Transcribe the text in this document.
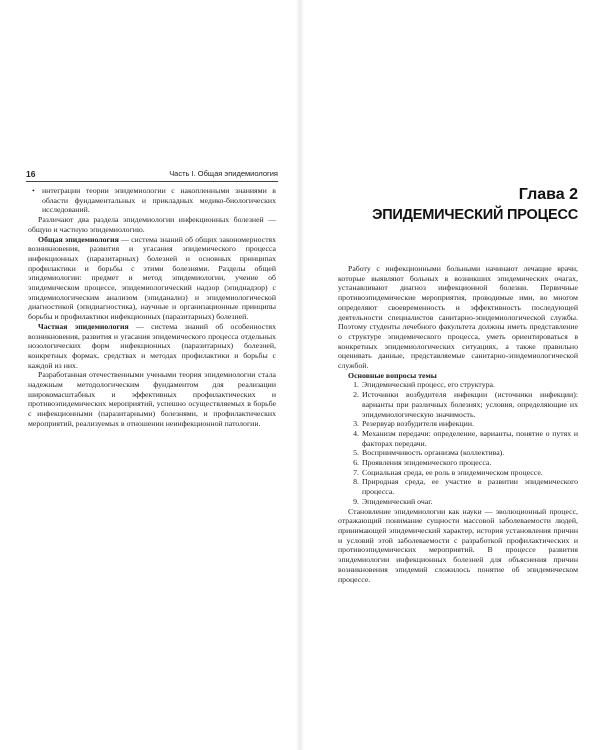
16	Часть I. Общая эпидемиология
• интеграции теории эпидемиологии с накопленными знаниями в области фундаментальных и прикладных медико-биологических исследований.

Различают два раздела эпидемиологии инфекционных болезней — общую и частную эпидемиологию.

Общая эпидемиология — система знаний об общих закономерностях возникновения, развития и угасания эпидемического процесса инфекционных (паразитарных) болезней и основных принципах профилактики и борьбы с этими болезнями. Разделы общей эпидемиологии: предмет и метод эпидемиологии, учение об эпидемическом процессе, эпидемиологический надзор (эпиднадзор) с эпидемиологическим анализом (эпиданализ) и эпидемиологической диагностикой (эпидиагностика), научные и организационные принципы борьбы и профилактики инфекционных (паразитарных) болезней.

Частная эпидемиология — система знаний об особенностях возникновения, развития и угасания эпидемического процесса отдельных нозологических форм инфекционных (паразитарных) болезней, конкретных формах, средствах и методах профилактики и борьбы с каждой из них.

Разработанная отечественными учеными теория эпидемиологии стала надежным методологическим фундаментом для реализации широкомасштабных и эффективных профилактических и противоэпидемических мероприятий, успешно осуществляемых в борьбе с инфекционными (паразитарными) болезнями, и профилактических мероприятий, реализуемых в отношении неинфекционной патологии.

Глава 2
ЭПИДЕМИЧЕСКИЙ ПРОЦЕСС

Работу с инфекционными больными начинают лечащие врачи, которые выявляют больных в возникших эпидемических очагах, устанавливают диагноз инфекционной болезни. Первичные противоэпидемические мероприятия, проводимые ими, во многом определяют своевременность и эффективность последующей деятельности специалистов санитарно-эпидемиологической службы. Поэтому студенты лечебного факультета должны иметь представление о структуре эпидемического процесса, уметь ориентироваться в конкретных эпидемиологических ситуациях, а также правильно оценивать данные, представляемые санитарно-эпидемиологической службой.

Основные вопросы темы
1. Эпидемический процесс, его структура.
2. Источники возбудителя инфекции (источники инфекции): варианты при различных болезнях; условия, определяющие их эпидемиологическую значимость.
3. Резервуар возбудителя инфекции.
4. Механизм передачи: определение, варианты, понятие о путях и факторах передачи.
5. Восприимчивость организма (коллектива).
6. Проявления эпидемического процесса.
7. Социальная среда, ее роль в эпидемическом процессе.
8. Природная среда, ее участие в развитии эпидемического процесса.
9. Эпидемический очаг.

Становление эпидемиологии как науки — эволюционный процесс, отражающий понимание сущности массовой заболеваемости людей, принимающей эпидемический характер, история установления причин и условий этой заболеваемости с разработкой профилактических и противоэпидемических мероприятий. В процессе развития эпидемиологии инфекционных болезней для объяснения причин возникновения эпидемий сложилось понятие об эпидемическом процессе.
